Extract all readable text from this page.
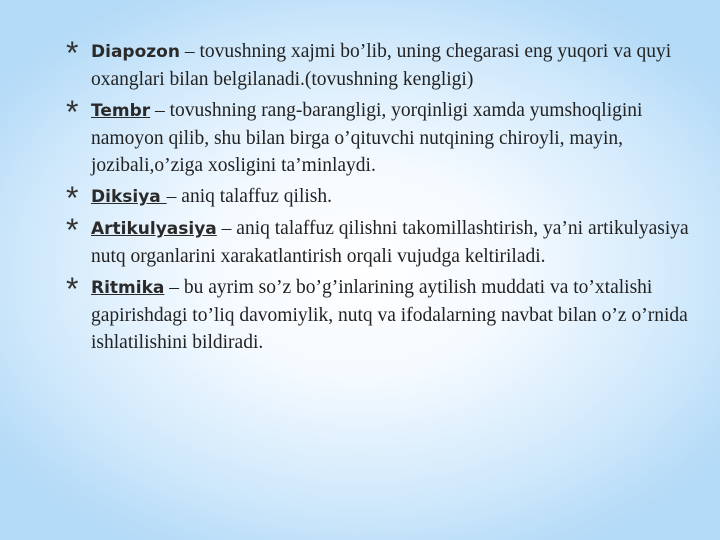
* Diapozon – tovushning xajmi bo’lib, uning chegarasi eng yuqori va quyi oxanglari bilan belgilanadi.(tovushning kengligi)
* Tembr – tovushning rang-barangligi, yorqinligi xamda yumshoqligini namoyon qilib, shu bilan birga o’qituvchi nutqining chiroyli, mayin, jozibali,o’ziga xosligini ta’minlaydi.
* Diksiya – aniq talaffuz qilish.
* Artikulyasiya – aniq talaffuz qilishni takomillashtirish, ya’ni artikulyasiya nutq organlarini xarakatlantirish orqali vujudga keltiriladi.
* Ritmika – bu ayrim so’z bo’g’inlarining aytilish muddati va to’xtalishi gapirishdagi to’liq davomiylik, nutq va ifodalarning navbat bilan o’z o’rnida ishlatilishini bildiradi.
